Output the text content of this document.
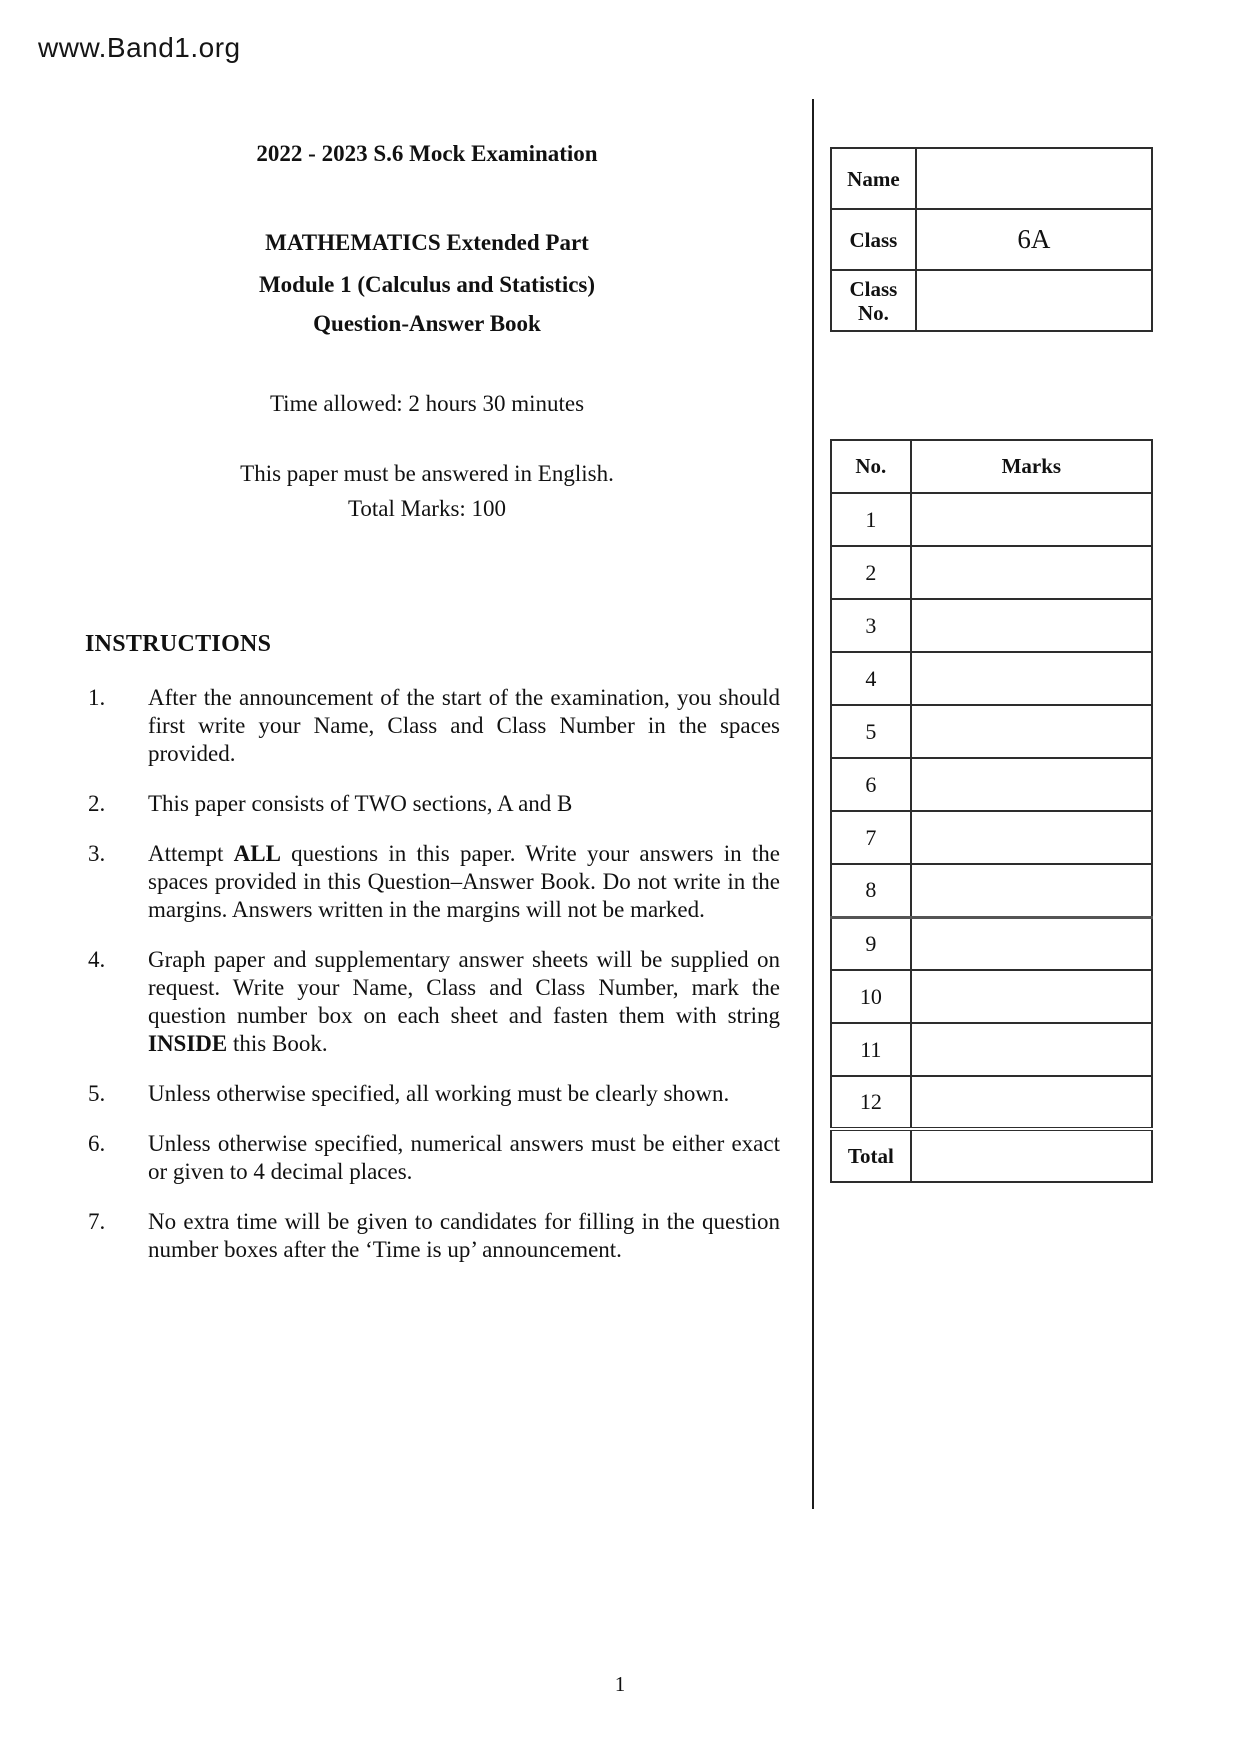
www.Band1.org
2022 - 2023 S.6 Mock Examination
MATHEMATICS Extended Part
Module 1 (Calculus and Statistics)
Question-Answer Book
Time allowed: 2 hours 30 minutes
This paper must be answered in English.
Total Marks: 100
Name	
Class	6A
Class No.	
No.	Marks
1	
2	
3	
4	
5	
6	
7	
8	
9	
10	
11	
12	
Total	
INSTRUCTIONS
1.	After the announcement of the start of the examination, you should first write your Name, Class and Class Number in the spaces provided.
2.	This paper consists of TWO sections, A and B
3.	Attempt ALL questions in this paper. Write your answers in the spaces provided in this Question–Answer Book. Do not write in the margins. Answers written in the margins will not be marked.
4.	Graph paper and supplementary answer sheets will be supplied on request. Write your Name, Class and Class Number, mark the question number box on each sheet and fasten them with string INSIDE this Book.
5.	Unless otherwise specified, all working must be clearly shown.
6.	Unless otherwise specified, numerical answers must be either exact or given to 4 decimal places.
7.	No extra time will be given to candidates for filling in the question number boxes after the ‘Time is up’ announcement.
1
